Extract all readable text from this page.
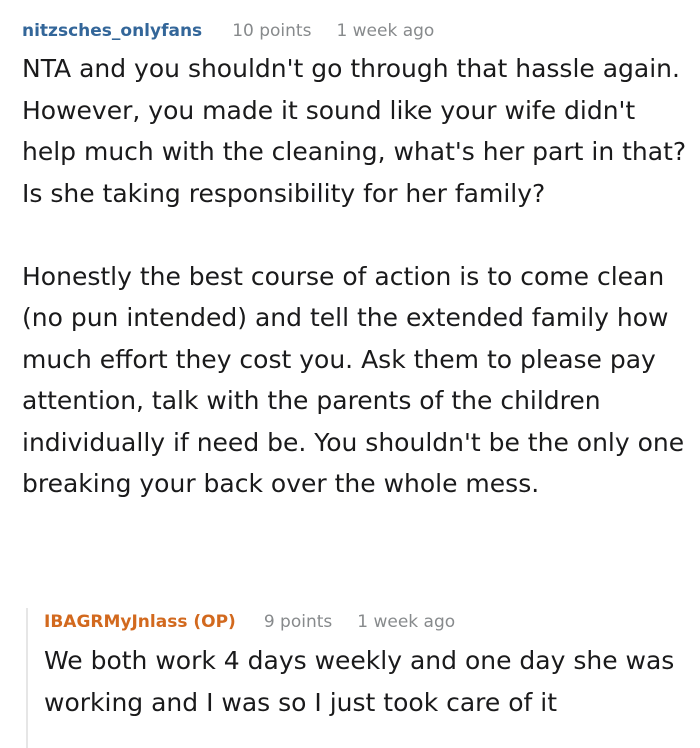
nitzsches_onlyfans 10 points 1 week ago

NTA and you shouldn't go through that hassle again. However, you made it sound like your wife didn't help much with the cleaning, what's her part in that? Is she taking responsibility for her family?

Honestly the best course of action is to come clean (no pun intended) and tell the extended family how much effort they cost you. Ask them to please pay attention, talk with the parents of the children individually if need be. You shouldn't be the only one breaking your back over the whole mess.

IBAGRMyJnlass (OP) 9 points 1 week ago

We both work 4 days weekly and one day she was working and I was so I just took care of it
